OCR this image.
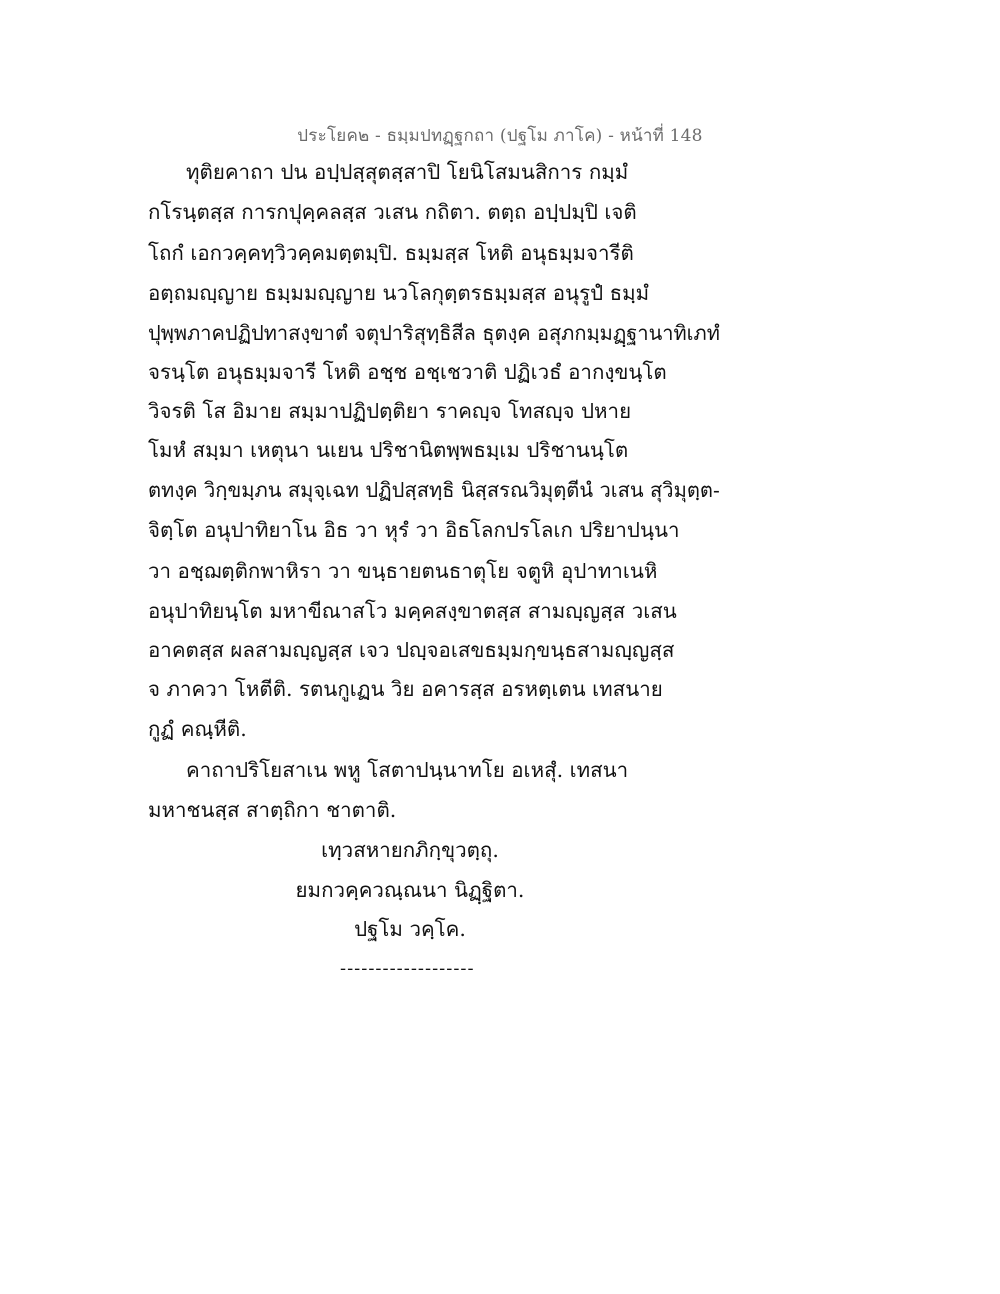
ประโยค๒ - ธมฺมปทฏฺฐกถา (ปฐโม ภาโค) - หน้าที่ 148
ทุติยคาถา ปน อปฺปสฺสุตสฺสาปิ โยนิโสมนสิการ กมฺมํ
กโรนฺตสฺส การกปุคฺคลสฺส วเสน กถิตา. ตตฺถ อปฺปมฺปิ เจติ
โถกํ เอกวคฺคทฺวิวคฺคมตฺตมฺปิ. ธมฺมสฺส โหติ อนุธมฺมจารีติ
อตฺถมญฺญาย ธมฺมมญฺญาย นวโลกุตฺตรธมฺมสฺส อนุรูปํ ธมฺมํ
ปุพฺพภาคปฏิปทาสงฺขาตํ จตุปาริสุทฺธิสีล ธุตงฺค อสุภกมฺมฏฺฐานาทิเภทํ
จรนฺโต อนุธมฺมจารี โหติ อชฺช อชฺเชวาติ ปฏิเวธํ อากงฺขนฺโต
วิจรติ โส อิมาย สมฺมาปฏิปตฺติยา ราคญฺจ โทสญฺจ ปหาย
โมหํ สมฺมา เหตุนา นเยน ปริชานิตพฺพธมฺเม ปริชานนฺโต
ตทงฺค วิกฺขมฺภน สมุจฺเฉท ปฏิปสฺสทฺธิ นิสฺสรณวิมุตฺตีนํ วเสน สุวิมุตฺต-
จิตฺโต อนุปาทิยาโน อิธ วา หุรํ วา อิธโลกปรโลเก ปริยาปนฺนา
วา อชฺฌตฺติกพาหิรา วา ขนฺธายตนธาตุโย จตูหิ อุปาทาเนหิ
อนุปาทิยนฺโต มหาขีณาสโว มคฺคสงฺขาตสฺส สามญฺญสฺส วเสน
อาคตสฺส ผลสามญฺญสฺส เจว ปญฺจอเสขธมฺมกฺขนฺธสามญฺญสฺส
จ ภาควา โหตีติ. รตนกูเฏน วิย อคารสฺส อรหตฺเตน เทสนาย
กูฏํ คณฺหีติ.
คาถาปริโยสาเน พหู โสตาปนฺนาทโย อเหสุํ. เทสนา
มหาชนสฺส สาตฺถิกา ชาตาติ.
เทฺวสหายกภิกฺขุวตฺถุ.
ยมกวคฺควณฺณนา นิฏฺฐิตา.
ปฐโม วคฺโค.
-------------------
